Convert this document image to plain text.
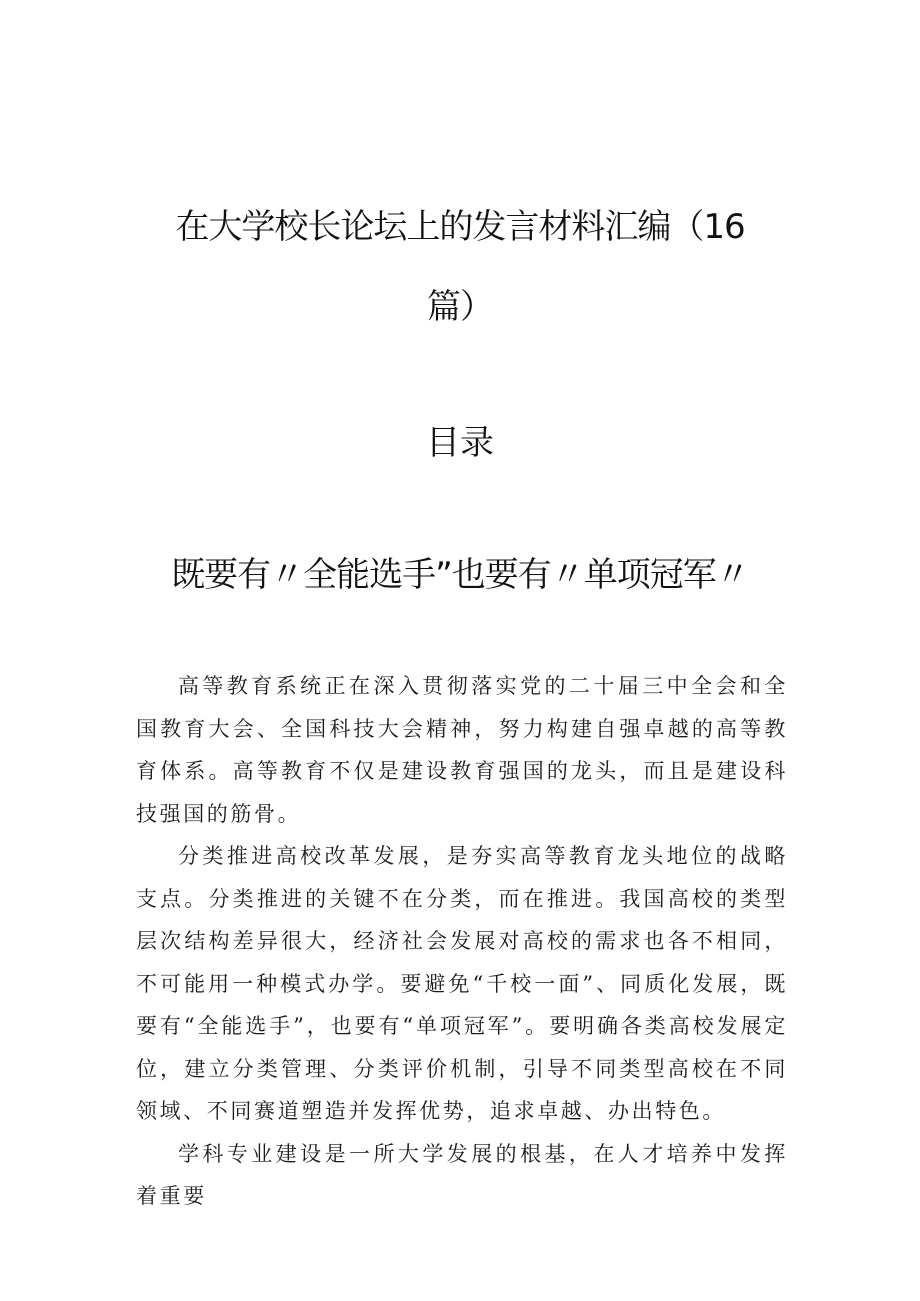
在大学校长论坛上的发言材料汇编（16
篇）
目录
既要有〃全能选手”也要有〃单项冠军〃

高等教育系统正在深入贯彻落实党的二十届三中全会和全国教育大会、全国科技大会精神，努力构建自强卓越的高等教育体系。高等教育不仅是建设教育强国的龙头，而且是建设科技强国的筋骨。

分类推进高校改革发展，是夯实高等教育龙头地位的战略支点。分类推进的关键不在分类，而在推进。我国高校的类型层次结构差异很大，经济社会发展对高校的需求也各不相同，不可能用一种模式办学。要避免“千校一面”、同质化发展，既要有“全能选手”，也要有“单项冠军”。要明确各类高校发展定位，建立分类管理、分类评价机制，引导不同类型高校在不同领域、不同赛道塑造并发挥优势，追求卓越、办出特色。

学科专业建设是一所大学发展的根基，在人才培养中发挥着重要
